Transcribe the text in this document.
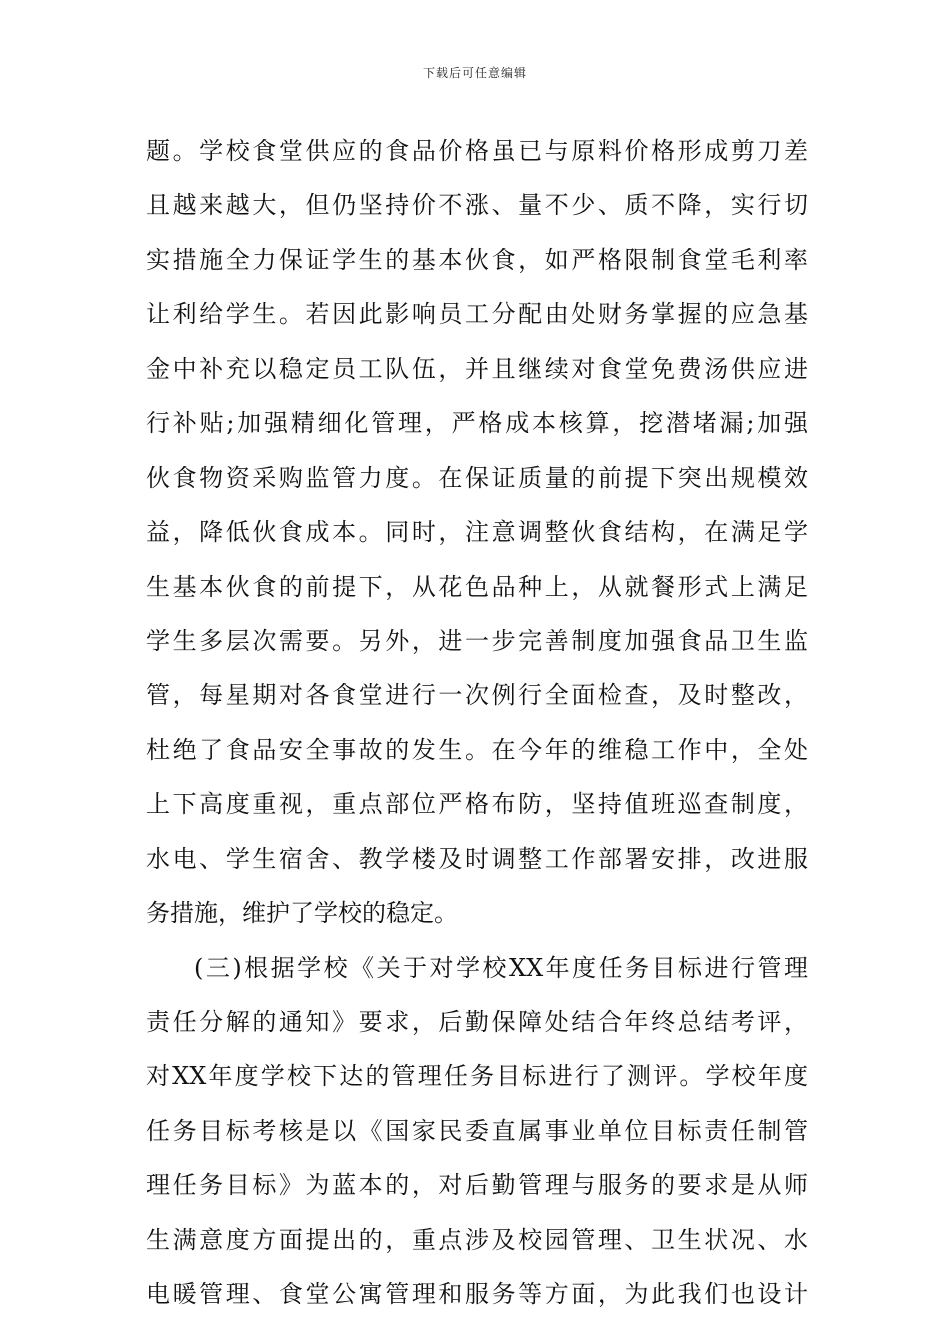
下载后可任意编辑
题。学校食堂供应的食品价格虽已与原料价格形成剪刀差
且越来越大，但仍坚持价不涨、量不少、质不降，实行切
实措施全力保证学生的基本伙食，如严格限制食堂毛利率
让利给学生。若因此影响员工分配由处财务掌握的应急基
金中补充以稳定员工队伍，并且继续对食堂免费汤供应进
行补贴;加强精细化管理，严格成本核算，挖潜堵漏;加强
伙食物资采购监管力度。在保证质量的前提下突出规模效
益，降低伙食成本。同时，注意调整伙食结构，在满足学
生基本伙食的前提下，从花色品种上，从就餐形式上满足
学生多层次需要。另外，进一步完善制度加强食品卫生监
管，每星期对各食堂进行一次例行全面检查，及时整改，
杜绝了食品安全事故的发生。在今年的维稳工作中，全处
上下高度重视，重点部位严格布防，坚持值班巡查制度，
水电、学生宿舍、教学楼及时调整工作部署安排，改进服
务措施，维护了学校的稳定。
(三)根据学校《关于对学校XX年度任务目标进行管理
责任分解的通知》要求，后勤保障处结合年终总结考评，
对XX年度学校下达的管理任务目标进行了测评。学校年度
任务目标考核是以《国家民委直属事业单位目标责任制管
理任务目标》为蓝本的，对后勤管理与服务的要求是从师
生满意度方面提出的，重点涉及校园管理、卫生状况、水
电暖管理、食堂公寓管理和服务等方面，为此我们也设计
